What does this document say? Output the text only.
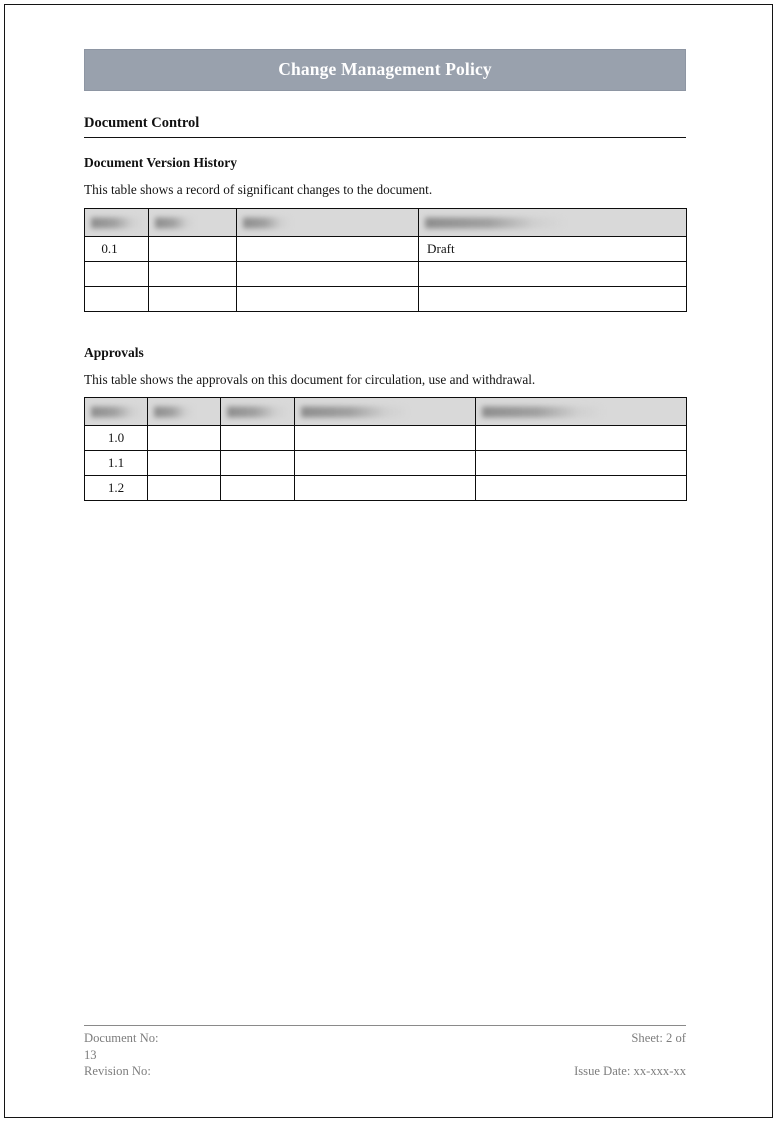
Change Management Policy
Document Control
Document Version History
This table shows a record of significant changes to the document.

0.1			Draft

Approvals
This table shows the approvals on this document for circulation, use and withdrawal.

1.0				
1.1				
1.2				
Document No:	Sheet: 2 of
13
Revision No:	Issue Date: xx-xxx-xx
